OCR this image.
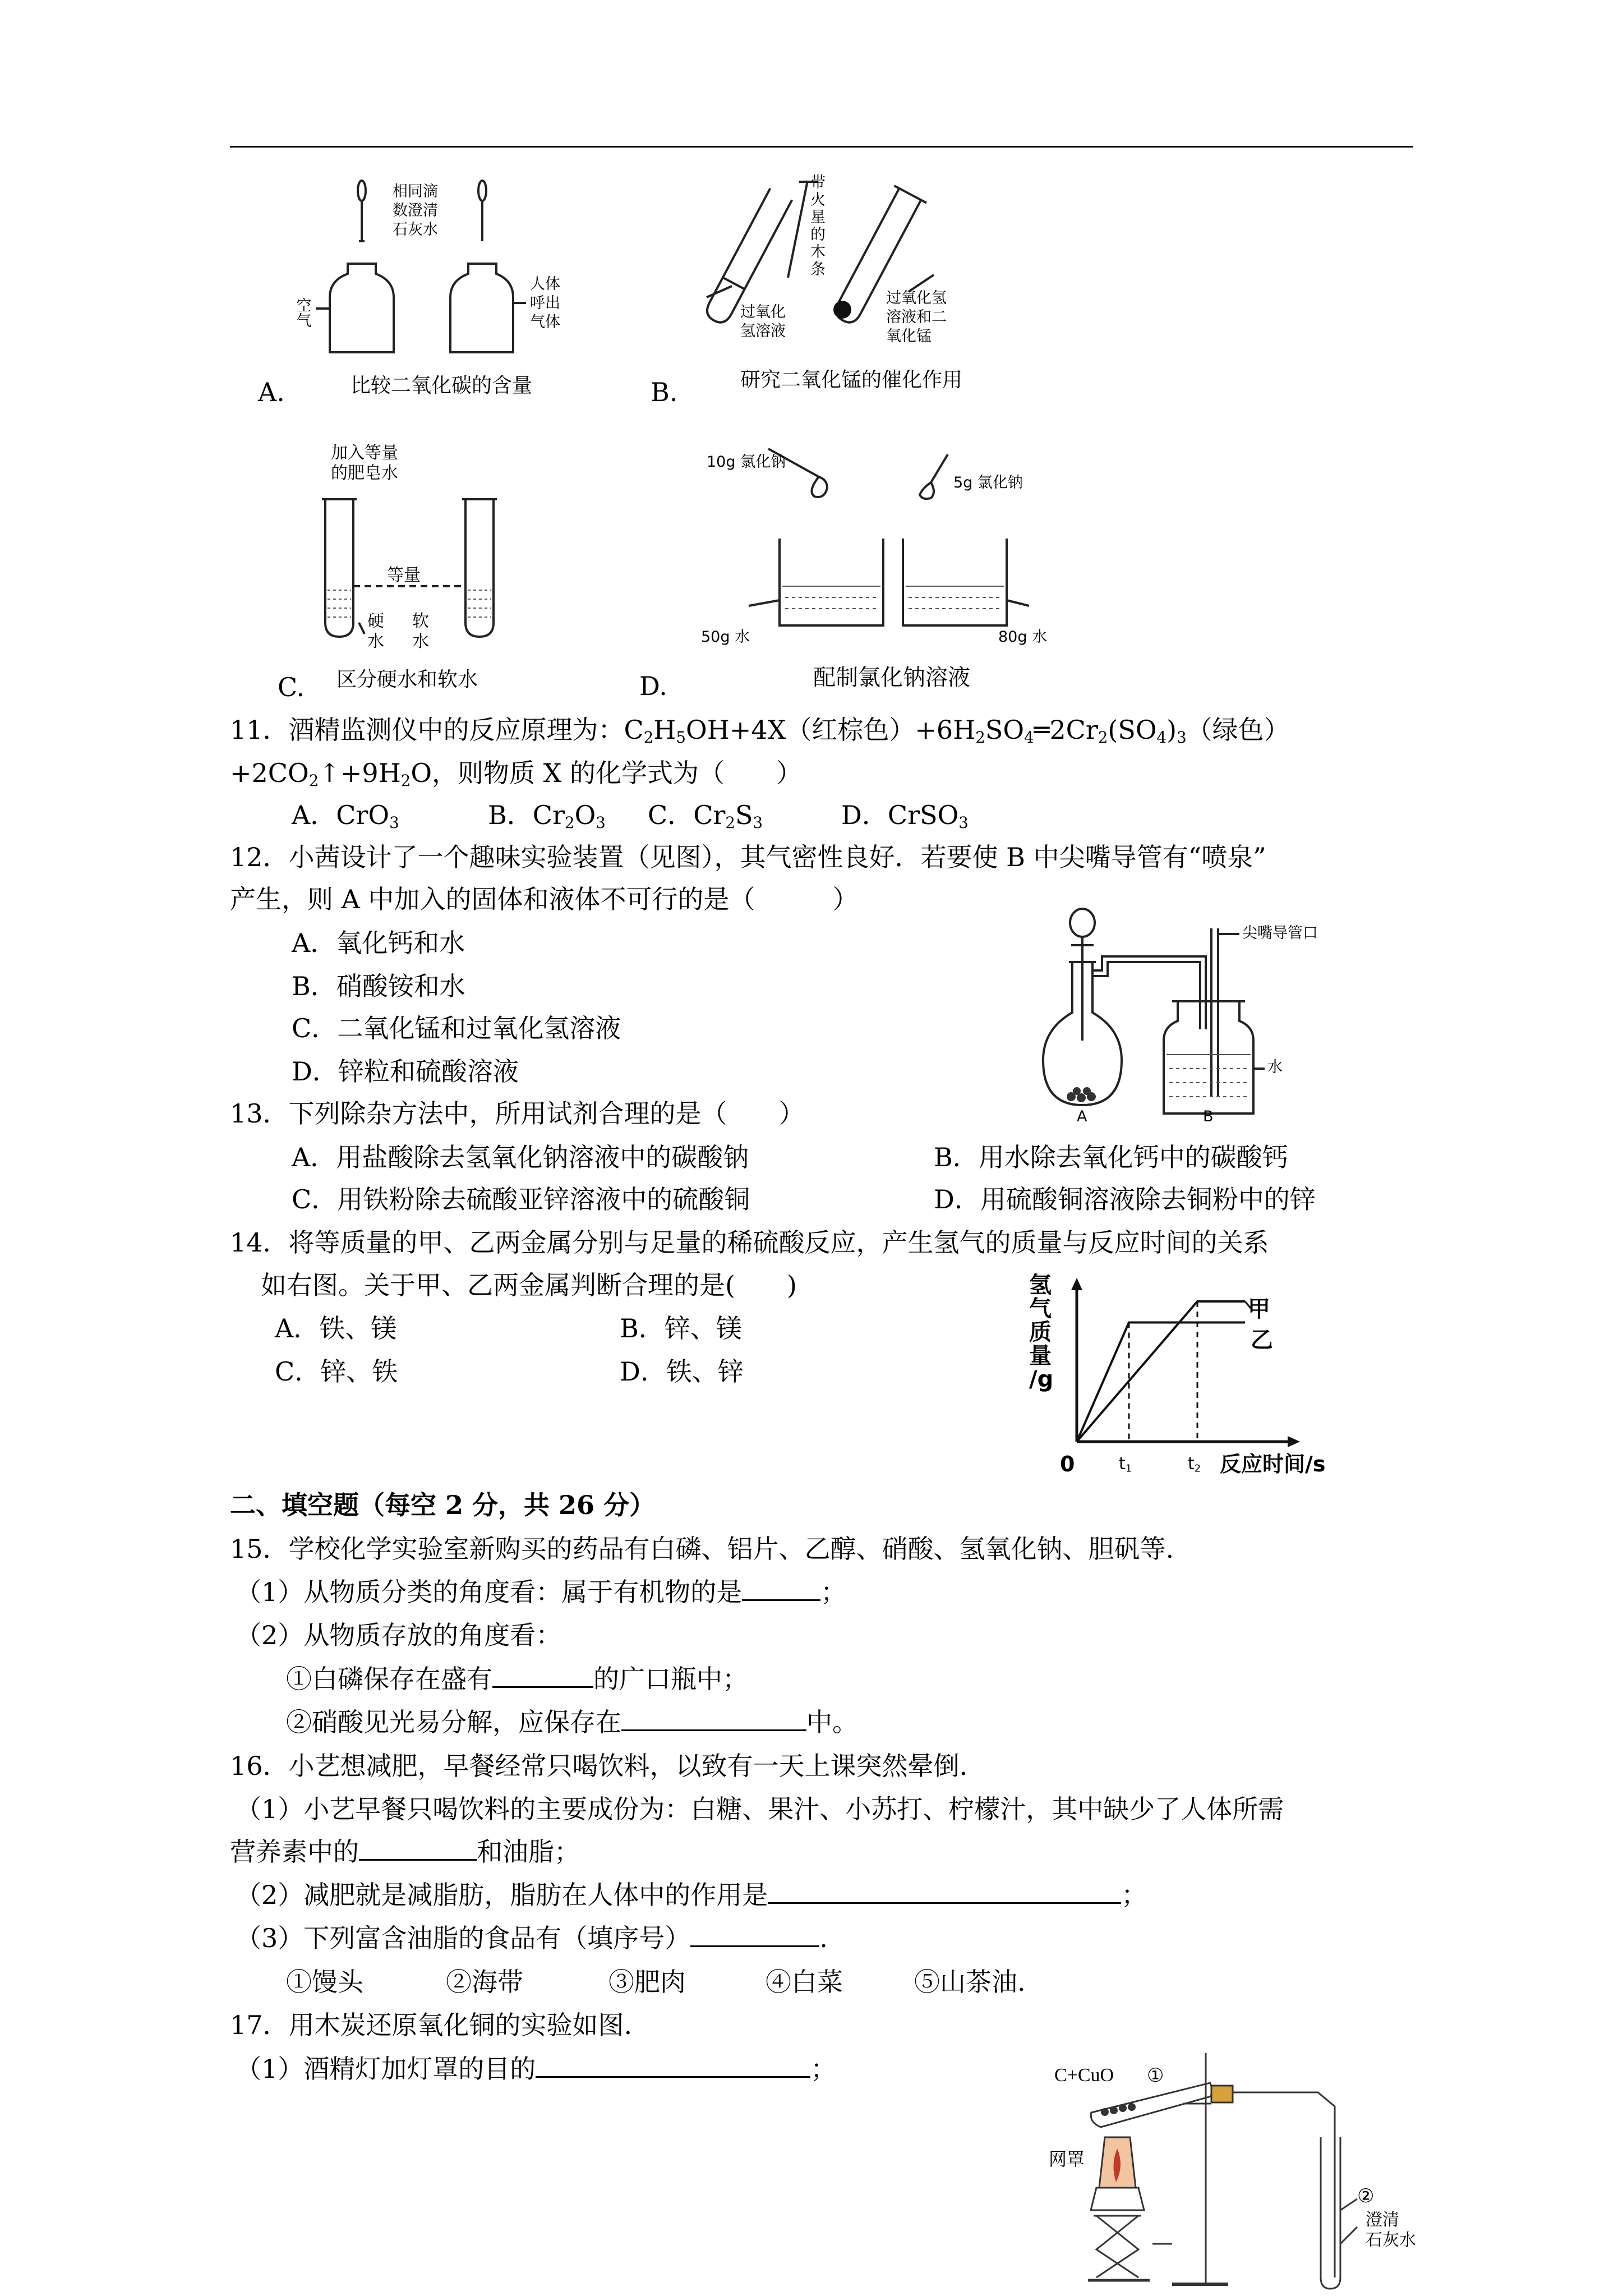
相同滴
数澄清
石灰水
空气
人体
呼出
气体
A.	比较二氧化碳的含量
带
火
星
的
木
条
过氧化
氢溶液
过氧化氢
溶液和二
氧化锰
B.	研究二氧化锰的催化作用
加入等量
的肥皂水
等量
硬
水
软
水
C. 区分硬水和软水
10g 氯化钠
5g 氯化钠
50g 水	80g 水
D.	配制氯化钠溶液
11．酒精监测仪中的反应原理为：$C_2H_5OH+4X$（红棕色）$+6H_2SO_4═2Cr_2(SO_4)_3$（绿色）
$+2CO_2↑+9H_2O$，则物质 X 的化学式为（　　）
A．CrO$_3$	B．$Cr_2O_3$ C．$Cr_2S_3$	D．CrSO$_3$
12．小茜设计了一个趣味实验装置（见图），其气密性良好．若要使 B 中尖嘴导管有“喷泉”
产生，则 A 中加入的固体和液体不可行的是（　　　）
A．氧化钙和水
B．硝酸铵和水
C．二氧化锰和过氧化氢溶液
D．锌粒和硫酸溶液
尖嘴导管口
水
A	B
13．下列除杂方法中，所用试剂合理的是（　　）
A．用盐酸除去氢氧化钠溶液中的碳酸钠	B．用水除去氧化钙中的碳酸钙
C．用铁粉除去硫酸亚锌溶液中的硫酸铜	D．用硫酸铜溶液除去铜粉中的锌
14．将等质量的甲、乙两金属分别与足量的稀硫酸反应，产生氢气的质量与反应时间的关系
如右图。关于甲、乙两金属判断合理的是(　　)
A．铁、镁	B．锌、镁
C．锌、铁	D．铁、锌
氢
气
质
量
/g
0	$t_1$	$t_2$ 反应时间/s
甲
乙
二、填空题（每空 2 分，共 26 分）
15．学校化学实验室新购买的药品有白磷、铝片、乙醇、硝酸、氢氧化钠、胆矾等.
（1）从物质分类的角度看：属于有机物的是	；
（2）从物质存放的角度看：
①白磷保存在盛有	的广口瓶中；
②硝酸见光易分解，应保存在	中。
16．小艺想减肥，早餐经常只喝饮料，以致有一天上课突然晕倒.
（1）小艺早餐只喝饮料的主要成份为：白糖、果汁、小苏打、柠檬汁，其中缺少了人体所需
营养素中的	和油脂；
（2）减肥就是减脂肪，脂肪在人体中的作用是	；
（3）下列富含油脂的食品有（填序号）	.
①馒头	②海带	③肥肉	④白菜	⑤山茶油.
17．用木炭还原氧化铜的实验如图.
（1）酒精灯加灯罩的目的	；	C+CuO ①
网罩
②
澄清
石灰水
